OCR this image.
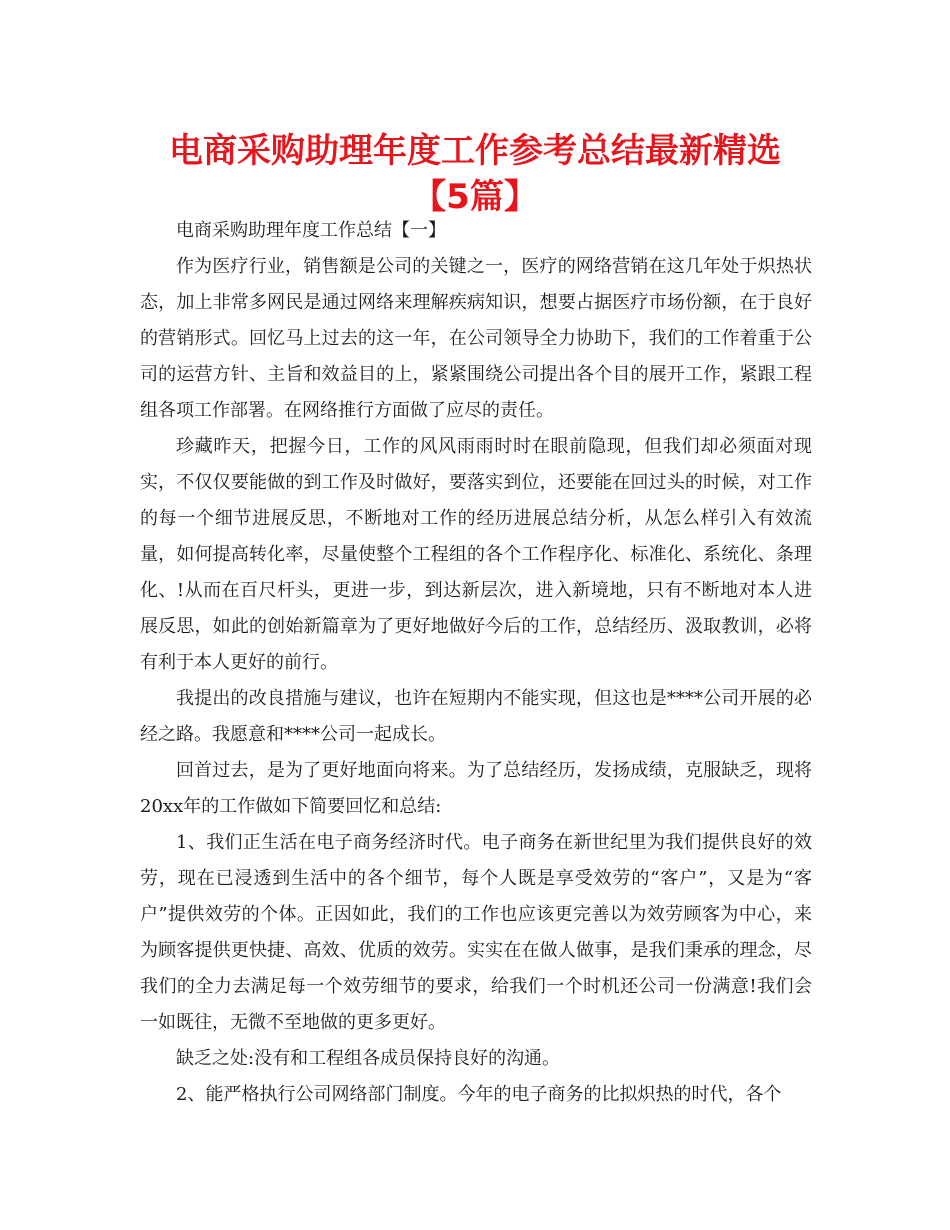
电商采购助理年度工作参考总结最新精选【5篇】

电商采购助理年度工作总结【一】

作为医疗行业，销售额是公司的关键之一，医疗的网络营销在这几年处于炽热状态，加上非常多网民是通过网络来理解疾病知识，想要占据医疗市场份额，在于良好的营销形式。回忆马上过去的这一年，在公司领导全力协助下，我们的工作着重于公司的运营方针、主旨和效益目的上，紧紧围绕公司提出各个目的展开工作，紧跟工程组各项工作部署。在网络推行方面做了应尽的责任。

珍藏昨天，把握今日，工作的风风雨雨时时在眼前隐现，但我们却必须面对现实，不仅仅要能做的到工作及时做好，要落实到位，还要能在回过头的时候，对工作的每一个细节进展反思，不断地对工作的经历进展总结分析，从怎么样引入有效流量，如何提高转化率，尽量使整个工程组的各个工作程序化、标准化、系统化、条理化、!从而在百尺杆头，更进一步，到达新层次，进入新境地，只有不断地对本人进展反思，如此的创始新篇章为了更好地做好今后的工作，总结经历、汲取教训，必将有利于本人更好的前行。

我提出的改良措施与建议，也许在短期内不能实现，但这也是****公司开展的必经之路。我愿意和****公司一起成长。

回首过去，是为了更好地面向将来。为了总结经历，发扬成绩，克服缺乏，现将20xx年的工作做如下简要回忆和总结:

1、我们正生活在电子商务经济时代。电子商务在新世纪里为我们提供良好的效劳，现在已浸透到生活中的各个细节，每个人既是享受效劳的“客户”，又是为“客户”提供效劳的个体。正因如此，我们的工作也应该更完善以为效劳顾客为中心，来为顾客提供更快捷、高效、优质的效劳。实实在在做人做事，是我们秉承的理念，尽我们的全力去满足每一个效劳细节的要求，给我们一个时机还公司一份满意!我们会一如既往，无微不至地做的更多更好。

缺乏之处:没有和工程组各成员保持良好的沟通。

2、能严格执行公司网络部门制度。今年的电子商务的比拟炽热的时代，各个
